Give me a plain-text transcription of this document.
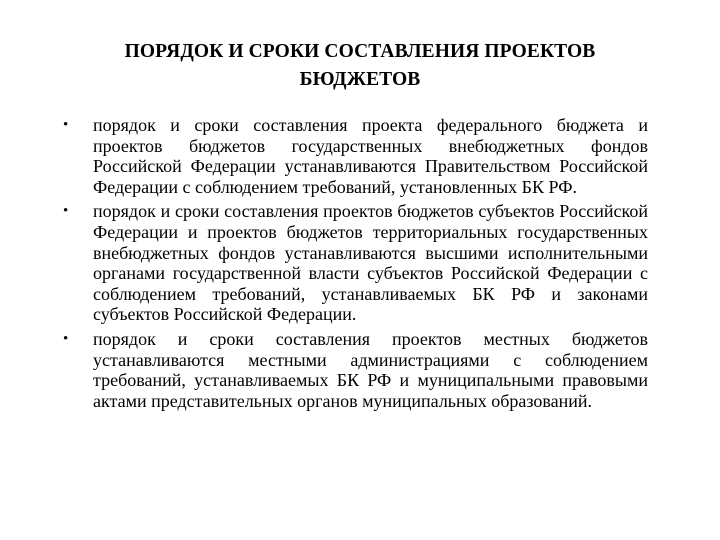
ПОРЯДОК И СРОКИ СОСТАВЛЕНИЯ ПРОЕКТОВ
БЮДЖЕТОВ
• порядок и сроки составления проекта федерального бюджета и проектов бюджетов государственных внебюджетных фондов Российской Федерации устанавливаются Правительством Российской Федерации с соблюдением требований, установленных БК РФ.
• порядок и сроки составления проектов бюджетов субъектов Российской Федерации и проектов бюджетов территориальных государственных внебюджетных фондов устанавливаются высшими исполнительными органами государственной власти субъектов Российской Федерации с соблюдением требований, устанавливаемых БК РФ и законами субъектов Российской Федерации.
• порядок и сроки составления проектов местных бюджетов устанавливаются местными администрациями с соблюдением требований, устанавливаемых БК РФ и муниципальными правовыми актами представительных органов муниципальных образований.
